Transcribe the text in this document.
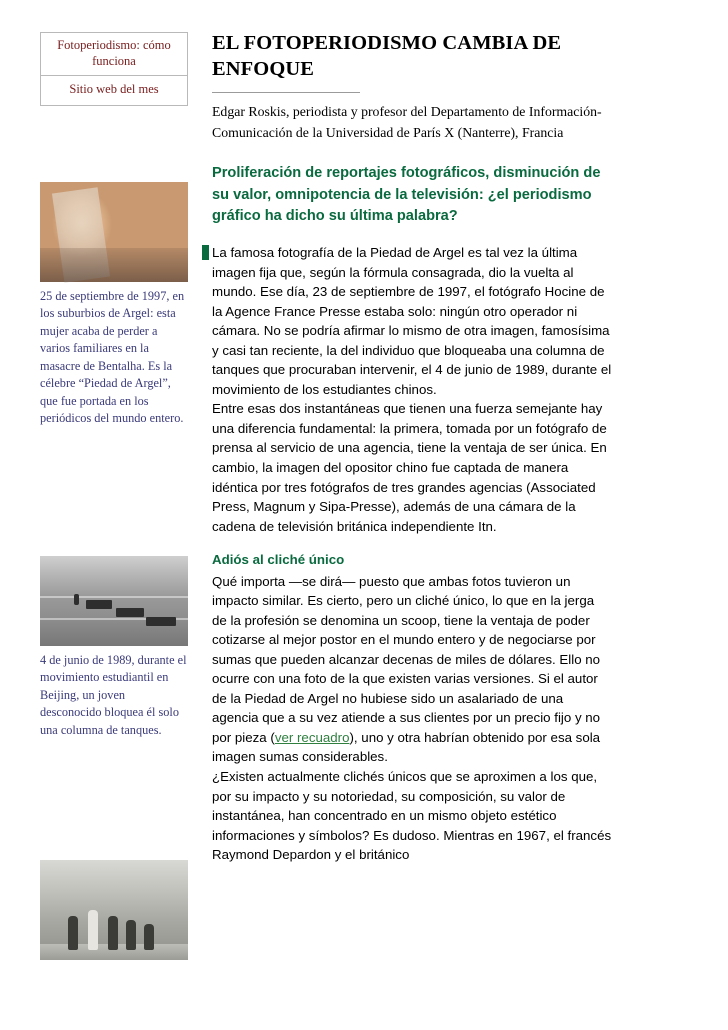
Fotoperiodismo: cómo funciona
Sitio web del mes
25 de septiembre de 1997, en los suburbios de Argel: esta mujer acaba de perder a varios familiares en la masacre de Bentalha. Es la célebre “Piedad de Argel”, que fue portada en los periódicos del mundo entero.
4 de junio de 1989, durante el movimiento estudiantil en Beijing, un joven desconocido bloquea él solo una columna de tanques.
EL FOTOPERIODISMO CAMBIA DE ENFOQUE

Edgar Roskis, periodista y profesor del Departamento de Información-Comunicación de la Universidad de París X (Nanterre), Francia

Proliferación de reportajes fotográficos, disminución de su valor, omnipotencia de la televisión: ¿el periodismo gráfico ha dicho su última palabra?

La famosa fotografía de la Piedad de Argel es tal vez la última imagen fija que, según la fórmula consagrada, dio la vuelta al mundo. Ese día, 23 de septiembre de 1997, el fotógrafo Hocine de la Agence France Presse estaba solo: ningún otro operador ni cámara. No se podría afirmar lo mismo de otra imagen, famosísima y casi tan reciente, la del individuo que bloqueaba una columna de tanques que procuraban intervenir, el 4 de junio de 1989, durante el movimiento de los estudiantes chinos.

Entre esas dos instantáneas que tienen una fuerza semejante hay una diferencia fundamental: la primera, tomada por un fotógrafo de prensa al servicio de una agencia, tiene la ventaja de ser única. En cambio, la imagen del opositor chino fue captada de manera idéntica por tres fotógrafos de tres grandes agencias (Associated Press, Magnum y Sipa-Presse), además de una cámara de la cadena de televisión británica independiente Itn.

Adiós al cliché único

Qué importa —se dirá— puesto que ambas fotos tuvieron un impacto similar. Es cierto, pero un cliché único, lo que en la jerga de la profesión se denomina un scoop, tiene la ventaja de poder cotizarse al mejor postor en el mundo entero y de negociarse por sumas que pueden alcanzar decenas de miles de dólares. Ello no ocurre con una foto de la que existen varias versiones. Si el autor de la Piedad de Argel no hubiese sido un asalariado de una agencia que a su vez atiende a sus clientes por un precio fijo y no por pieza (ver recuadro), uno y otra habrían obtenido por esa sola imagen sumas considerables.

¿Existen actualmente clichés únicos que se aproximen a los que, por su impacto y su notoriedad, su composición, su valor de instantánea, han concentrado en un mismo objeto estético informaciones y símbolos? Es dudoso. Mientras en 1967, el francés Raymond Depardon y el británico
